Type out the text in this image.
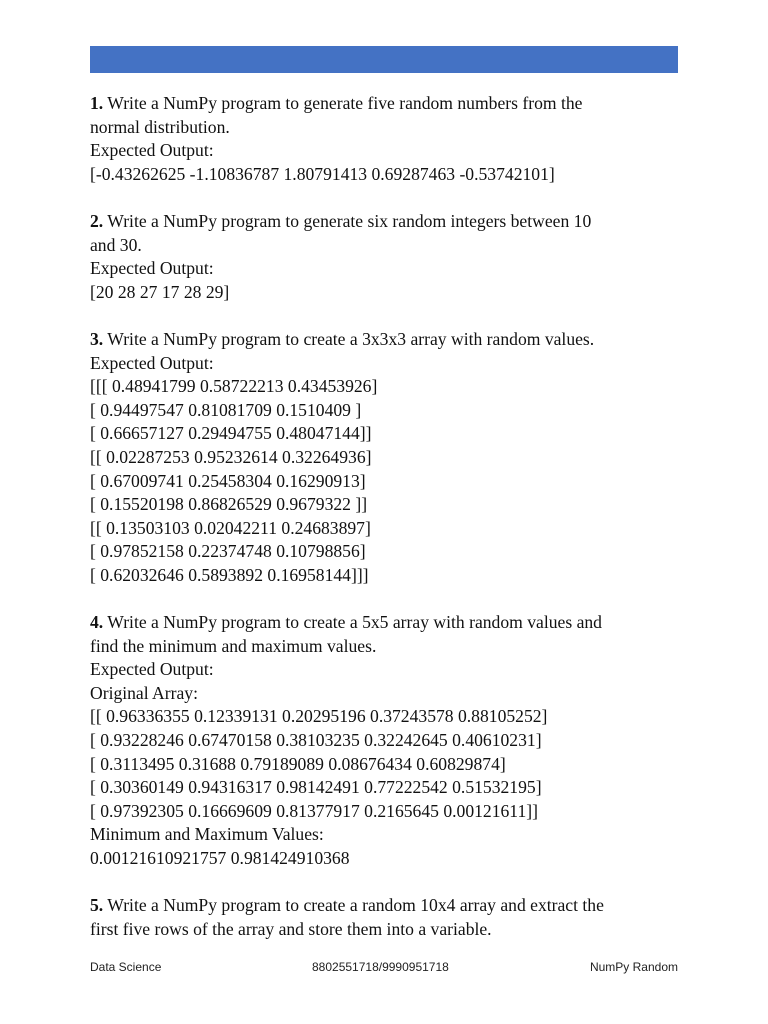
1. Write a NumPy program to generate five random numbers from the
normal distribution.
Expected Output:
[-0.43262625 -1.10836787 1.80791413 0.69287463 -0.53742101]
2. Write a NumPy program to generate six random integers between 10
and 30.
Expected Output:
[20 28 27 17 28 29]
3. Write a NumPy program to create a 3x3x3 array with random values.
Expected Output:
[[[ 0.48941799 0.58722213 0.43453926]
[ 0.94497547 0.81081709 0.1510409 ]
[ 0.66657127 0.29494755 0.48047144]]
[[ 0.02287253 0.95232614 0.32264936]
[ 0.67009741 0.25458304 0.16290913]
[ 0.15520198 0.86826529 0.9679322 ]]
[[ 0.13503103 0.02042211 0.24683897]
[ 0.97852158 0.22374748 0.10798856]
[ 0.62032646 0.5893892 0.16958144]]]
4. Write a NumPy program to create a 5x5 array with random values and
find the minimum and maximum values.
Expected Output:
Original Array:
[[ 0.96336355 0.12339131 0.20295196 0.37243578 0.88105252]
[ 0.93228246 0.67470158 0.38103235 0.32242645 0.40610231]
[ 0.3113495 0.31688 0.79189089 0.08676434 0.60829874]
[ 0.30360149 0.94316317 0.98142491 0.77222542 0.51532195]
[ 0.97392305 0.16669609 0.81377917 0.2165645 0.00121611]]
Minimum and Maximum Values:
0.00121610921757 0.981424910368
5. Write a NumPy program to create a random 10x4 array and extract the
first five rows of the array and store them into a variable.
Data Science	8802551718/9990951718	NumPy Random
